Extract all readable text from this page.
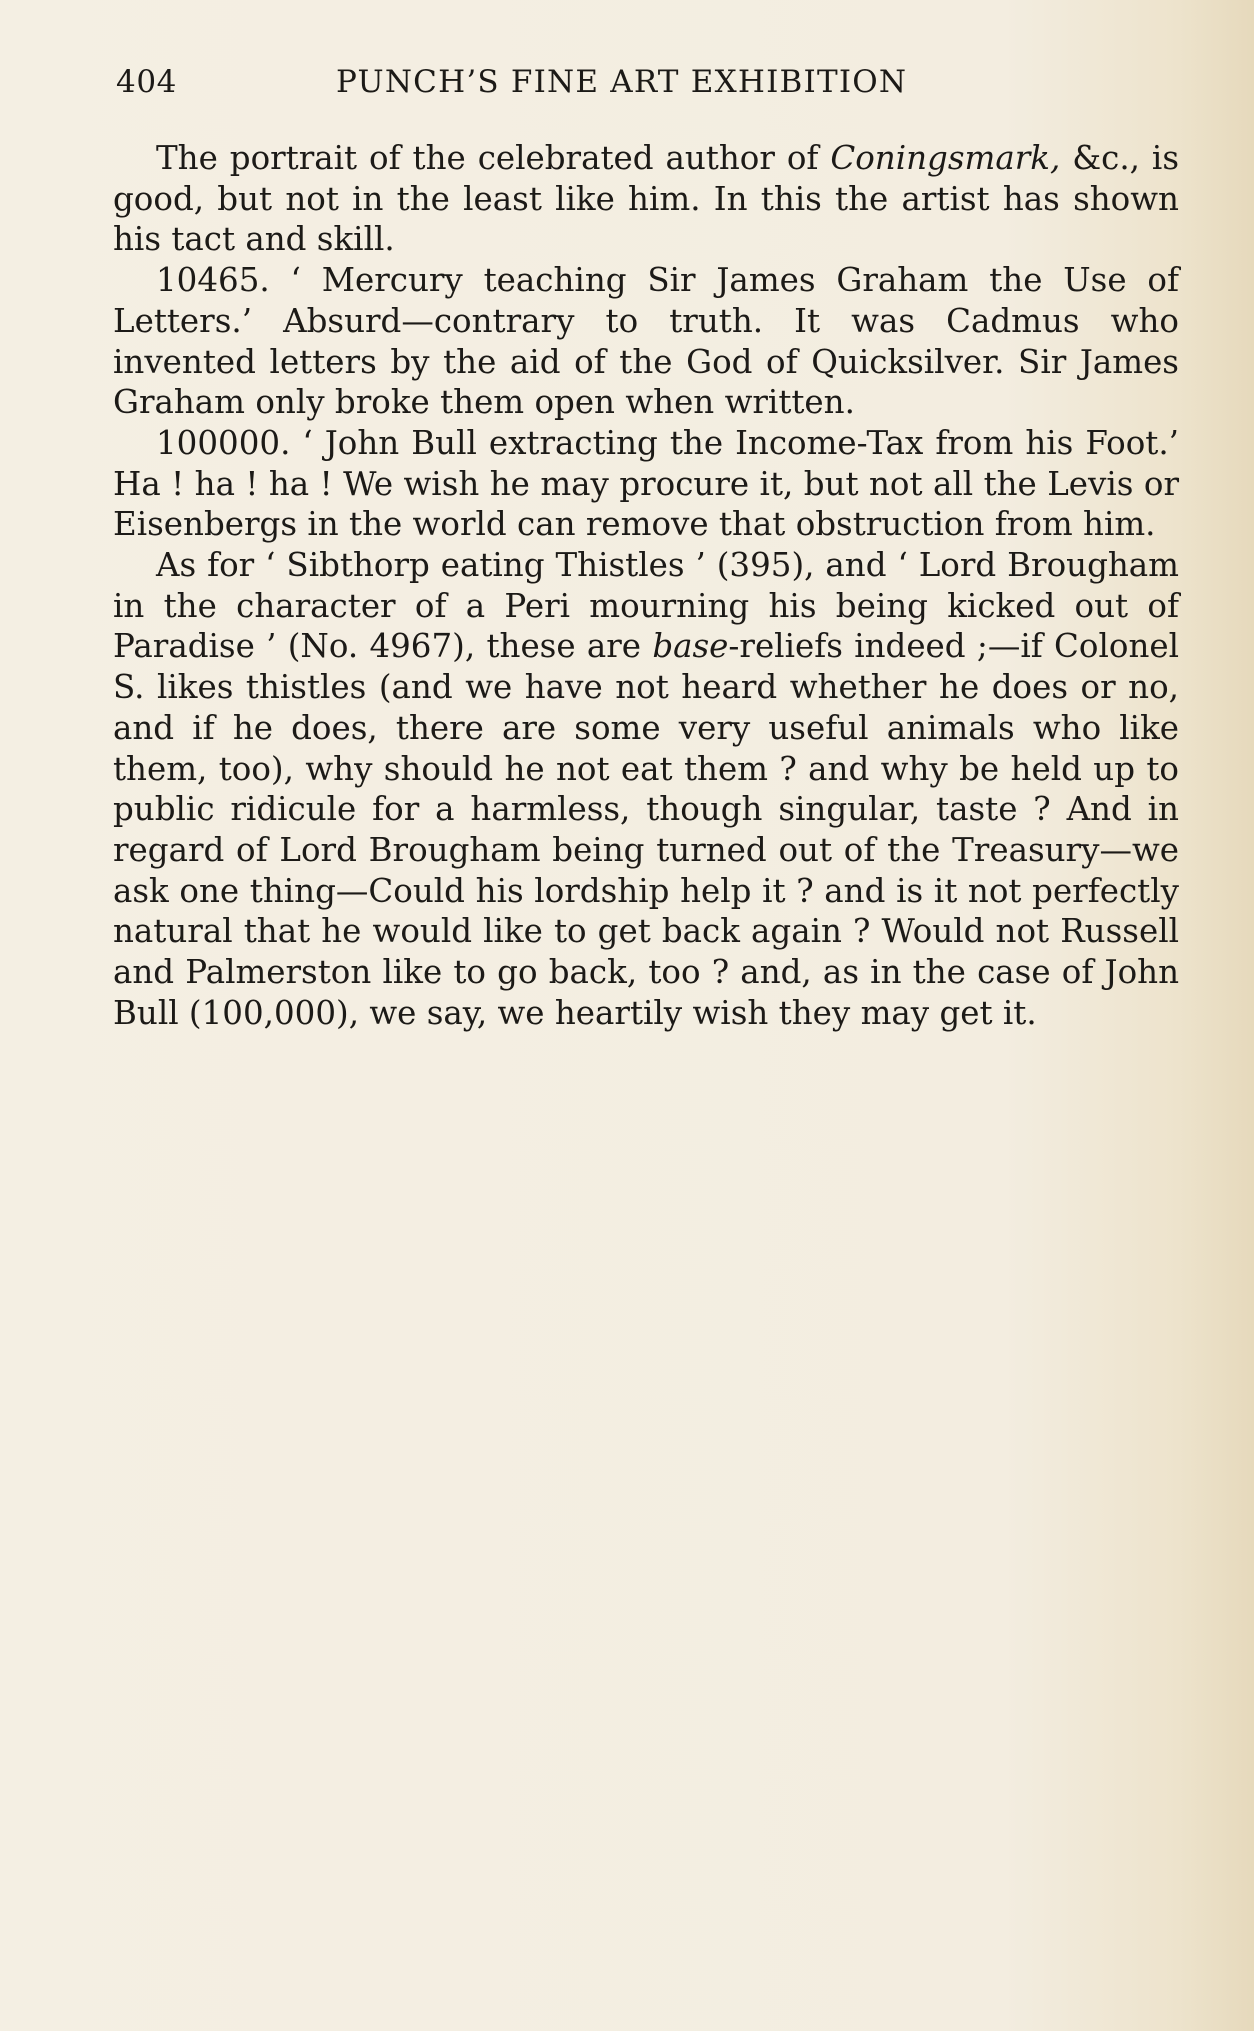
404	PUNCH’S FINE ART EXHIBITION

The portrait of the celebrated author of Coningsmark, &c., is good, but not in the least like him. In this the artist has shown his tact and skill.

10465. ‘ Mercury teaching Sir James Graham the Use of Letters.’ Absurd—contrary to truth. It was Cadmus who invented letters by the aid of the God of Quicksilver. Sir James Graham only broke them open when written.

100000. ‘ John Bull extracting the Income-Tax from his Foot.’ Ha ! ha ! ha ! We wish he may procure it, but not all the Levis or Eisenbergs in the world can remove that obstruction from him.

As for ‘ Sibthorp eating Thistles ’ (395), and ‘ Lord Brougham in the character of a Peri mourning his being kicked out of Paradise ’ (No. 4967), these are base-reliefs indeed ;—if Colonel S. likes thistles (and we have not heard whether he does or no, and if he does, there are some very useful animals who like them, too), why should he not eat them ? and why be held up to public ridicule for a harmless, though singular, taste ? And in regard of Lord Brougham being turned out of the Treasury—we ask one thing—Could his lordship help it ? and is it not perfectly natural that he would like to get back again ? Would not Russell and Palmerston like to go back, too ? and, as in the case of John Bull (100,000), we say, we heartily wish they may get it.
